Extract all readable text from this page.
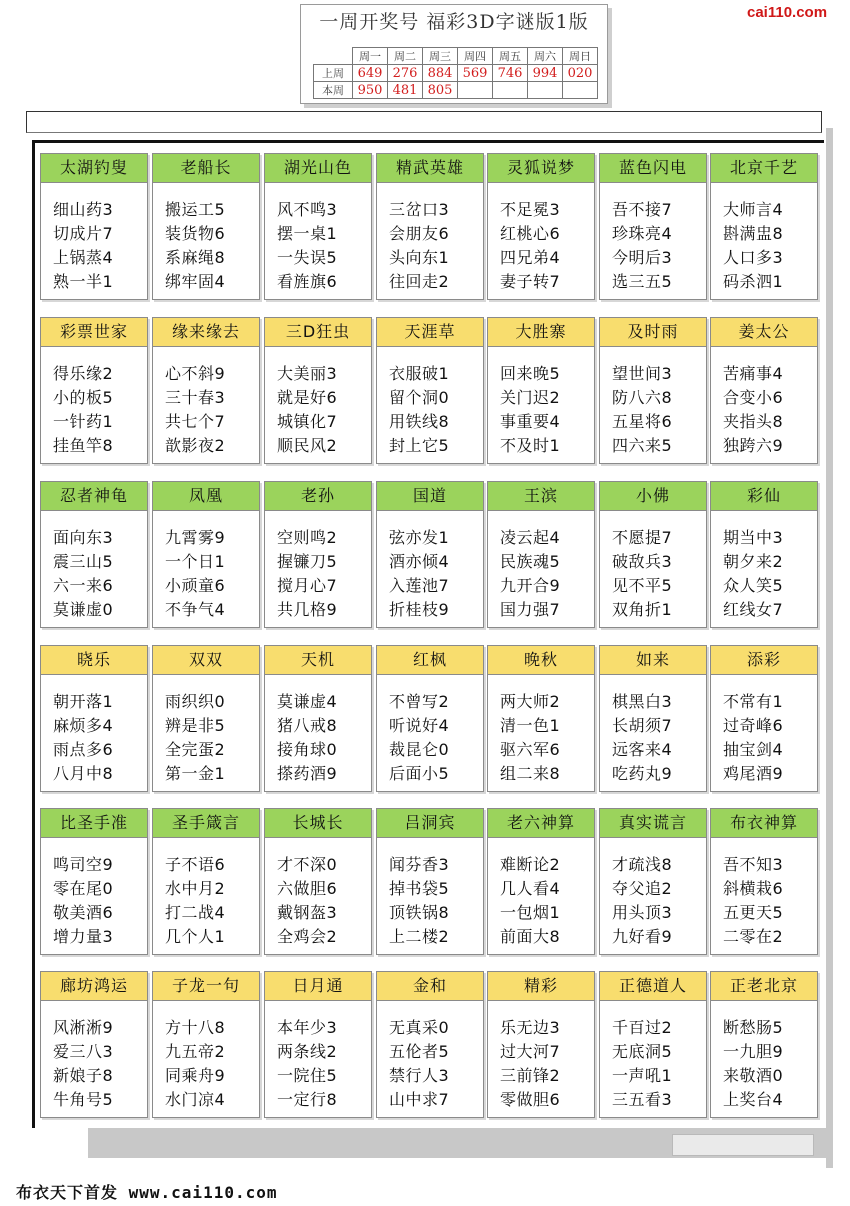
一周开奖号 福彩3D字谜版1版
	周一	周二	周三	周四	周五	周六	周日
上周	649	276	884	569	746	994	020
本周	950	481	805				
cai110.com
太湖钓叟
细山药3
切成片7
上锅蒸4
熟一半1
老船长
搬运工5
装货物6
系麻绳8
绑牢固4
湖光山色
风不鸣3
摆一桌1
一失误5
看旌旗6
精武英雄
三岔口3
会朋友6
头向东1
往回走2
灵狐说梦
不足冕3
红桃心6
四兄弟4
妻子转7
蓝色闪电
吾不接7
珍珠亮4
今明后3
选三五5
北京千艺
大师言4
斟满盅8
人口多3
码杀泗1
彩票世家
得乐缘2
小的板5
一针药1
挂鱼竿8
缘来缘去
心不斜9
三十春3
共七个7
歆影夜2
三D狂虫
大美丽3
就是好6
城镇化7
顺民风2
天涯草
衣服破1
留个洞0
用铁线8
封上它5
大胜寨
回来晚5
关门迟2
事重要4
不及时1
及时雨
望世间3
防八六8
五星将6
四六来5
姜太公
苦痛事4
合变小6
夹指头8
独跨六9
忍者神龟
面向东3
震三山5
六一来6
莫谦虚0
凤凰
九霄雾9
一个日1
小顽童6
不争气4
老孙
空则鸣2
握镰刀5
搅月心7
共几格9
国道
弦亦发1
酒亦倾4
入莲池7
折桂枝9
王滨
凌云起4
民族魂5
九开合9
国力强7
小佛
不愿提7
破敌兵3
见不平5
双角折1
彩仙
期当中3
朝夕来2
众人笑5
红线女7
晓乐
朝开落1
麻烦多4
雨点多6
八月中8
双双
雨织织0
辨是非5
全完蛋2
第一金1
天机
莫谦虚4
猪八戒8
接角球0
搽药酒9
红枫
不曾写2
听说好4
裁昆仑0
后面小5
晚秋
两大师2
清一色1
驱六军6
组二来8
如来
棋黑白3
长胡须7
远客来4
吃药丸9
添彩
不常有1
过奇峰6
抽宝剑4
鸡尾酒9
比圣手准
鸣司空9
零在尾0
敬美酒6
增力量3
圣手箴言
子不语6
水中月2
打二战4
几个人1
长城长
才不深0
六做胆6
戴钢盔3
全鸡会2
吕洞宾
闻芬香3
掉书袋5
顶铁锅8
上二楼2
老六神算
难断论2
几人看4
一包烟1
前面大8
真实谎言
才疏浅8
夺父追2
用头顶3
九好看9
布衣神算
吾不知3
斜横栽6
五更天5
二零在2
廊坊鸿运
风淅淅9
爱三八3
新娘子8
牛角号5
子龙一句
方十八8
九五帝2
同乘舟9
水门凉4
日月通
本年少3
两条线2
一院住5
一定行8
金和
无真采0
五伦者5
禁行人3
山中求7
精彩
乐无边3
过大河7
三前锋2
零做胆6
正德道人
千百过2
无底洞5
一声吼1
三五看3
正老北京
断愁肠5
一九胆9
来敬酒0
上奖台4
布衣天下首发 www.cai110.com
